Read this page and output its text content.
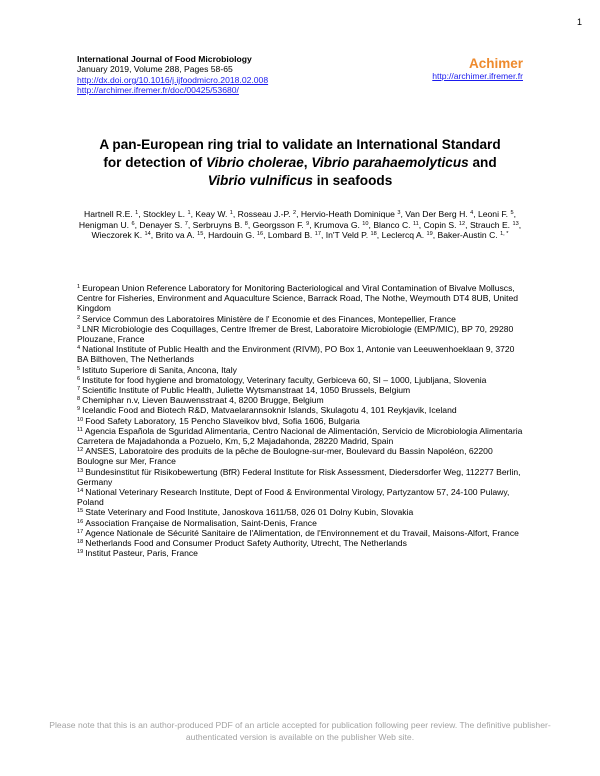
1
International Journal of Food Microbiology
January 2019, Volume 288, Pages 58-65
http://dx.doi.org/10.1016/j.ijfoodmicro.2018.02.008
http://archimer.ifremer.fr/doc/00425/53680/
Achimer
http://archimer.ifremer.fr
A pan-European ring trial to validate an International Standard for detection of Vibrio cholerae, Vibrio parahaemolyticus and Vibrio vulnificus in seafoods
Hartnell R.E. $^1$, Stockley L. $^1$, Keay W. $^1$, Rosseau J.-P. $^2$, Hervio-Heath Dominique $^3$, Van Der Berg H. $^4$, Leoni F. $^5$, Henigman U. $^6$, Denayer S. $^7$, Serbruyns B. $^8$, Georgsson F. $^9$, Krumova G. $^{10}$, Blanco C. $^{11}$, Copin S. $^{12}$, Strauch E. $^{13}$, Wieczorek K. $^{14}$, Brito va A. $^{15}$, Hardouin G. $^{16}$, Lombard B. $^{17}$, In'T Veld P. $^{18}$, Leclercq A. $^{19}$, Baker-Austin C. $^{1, *}$
$^1$ European Union Reference Laboratory for Monitoring Bacteriological and Viral Contamination of Bivalve Molluscs, Centre for Fisheries, Environment and Aquaculture Science, Barrack Road, The Nothe, Weymouth DT4 8UB, United Kingdom
$^2$ Service Commun des Laboratoires Ministère de l' Economie et des Finances, Montepellier, France
$^3$ LNR Microbiologie des Coquillages, Centre Ifremer de Brest, Laboratoire Microbiologie (EMP/MIC), BP 70, 29280 Plouzane, France
$^4$ National Institute of Public Health and the Environment (RIVM), PO Box 1, Antonie van Leeuwenhoeklaan 9, 3720 BA Bilthoven, The Netherlands
$^5$ Istituto Superiore di Sanita, Ancona, Italy
$^6$ Institute for food hygiene and bromatology, Veterinary faculty, Gerbiceva 60, SI – 1000, Ljubljana, Slovenia
$^7$ Scientific Institute of Public Health, Juliette Wytsmanstraat 14, 1050 Brussels, Belgium
$^8$ Chemiphar n.v, Lieven Bauwensstraat 4, 8200 Brugge, Belgium
$^9$ Icelandic Food and Biotech R&D, Matvaelarannsoknir Islands, Skulagotu 4, 101 Reykjavik, Iceland
$^{10}$ Food Safety Laboratory, 15 Pencho Slaveikov blvd, Sofia 1606, Bulgaria
$^{11}$ Agencia Española de Sguridad Alimentaria, Centro Nacional de Alimentación, Servicio de Microbiologia Alimentaria Carretera de Majadahonda a Pozuelo, Km, 5,2 Majadahonda, 28220 Madrid, Spain
$^{12}$ ANSES, Laboratoire des produits de la pêche de Boulogne-sur-mer, Boulevard du Bassin Napoléon, 62200 Boulogne sur Mer, France
$^{13}$ Bundesinstitut für Risikobewertung (BfR) Federal Institute for Risk Assessment, Diedersdorfer Weg, 112277 Berlin, Germany
$^{14}$ National Veterinary Research Institute, Dept of Food & Environmental Virology, Partyzantow 57, 24-100 Pulawy, Poland
$^{15}$ State Veterinary and Food Institute, Janoskova 1611/58, 026 01 Dolny Kubin, Slovakia
$^{16}$ Association Française de Normalisation, Saint-Denis, France
$^{17}$ Agence Nationale de Sécurité Sanitaire de l'Alimentation, de l'Environnement et du Travail, Maisons-Alfort, France
$^{18}$ Netherlands Food and Consumer Product Safety Authority, Utrecht, The Netherlands
$^{19}$ Institut Pasteur, Paris, France
Please note that this is an author-produced PDF of an article accepted for publication following peer review. The definitive publisher-authenticated version is available on the publisher Web site.
